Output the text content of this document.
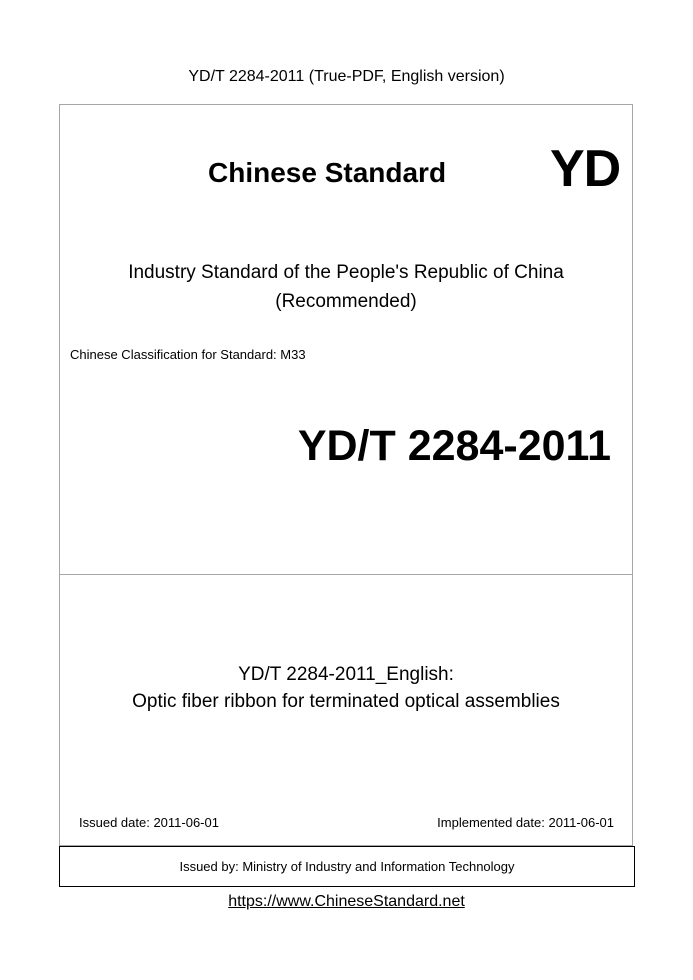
YD/T 2284-2011 (True-PDF, English version)
Chinese Standard YD
Industry Standard of the People's Republic of China
(Recommended)
Chinese Classification for Standard: M33
YD/T 2284-2011
YD/T 2284-2011_English:
Optic fiber ribbon for terminated optical assemblies
Issued date: 2011-06-01	Implemented date: 2011-06-01
Issued by: Ministry of Industry and Information Technology
https://www.ChineseStandard.net
